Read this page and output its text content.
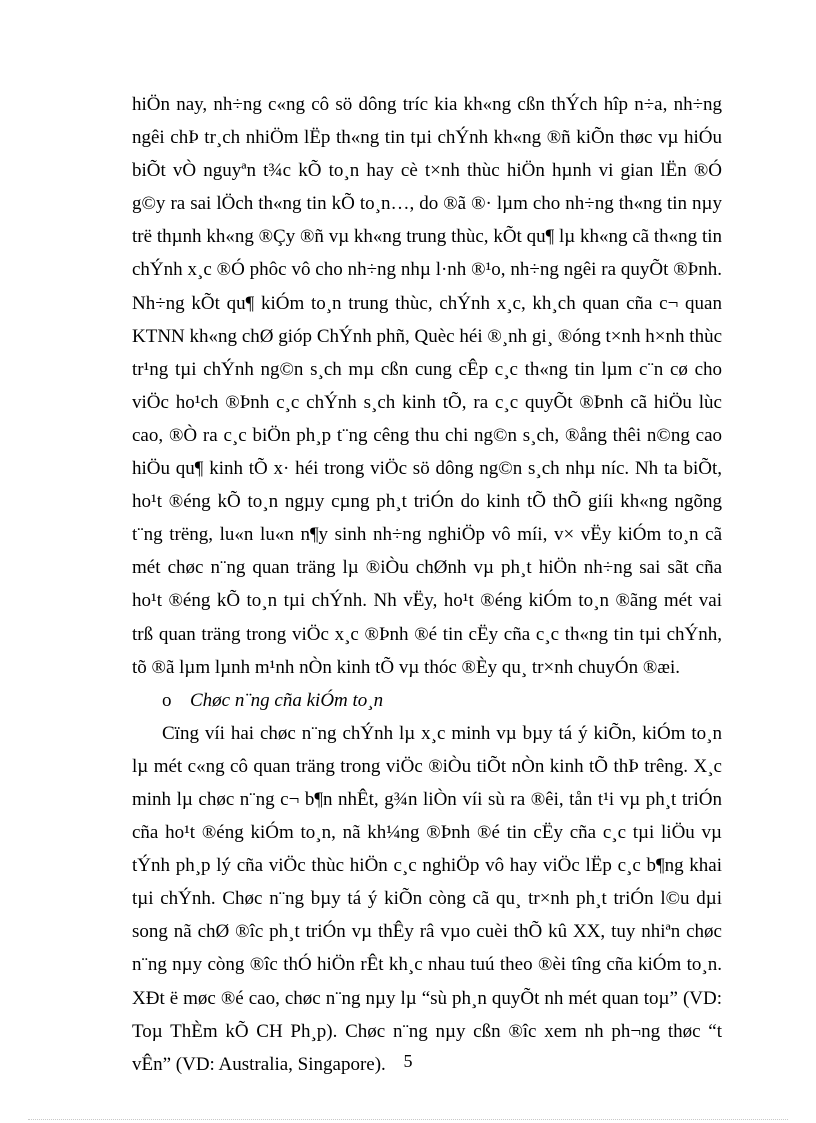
hiÖn nay, nh÷ng c«ng cô sö dông tríc kia kh«ng cßn thÝch hîp n÷a, nh÷ng ngêi chÞ tr¸ch nhiÖm lËp th«ng tin tµi chÝnh kh«ng ®ñ kiÕn thøc vµ hiÓu biÕt vÒ nguyªn t¾c kÕ to¸n hay cè t×nh thùc hiÖn hµnh vi gian lËn ®Ó g©y ra sai lÖch th«ng tin kÕ to¸n…, do ®ã ®· lµm cho nh÷ng th«ng tin nµy trë thµnh kh«ng ®Çy ®ñ vµ kh«ng trung thùc, kÕt qu¶ lµ kh«ng cã th«ng tin chÝnh x¸c ®Ó phôc vô cho nh÷ng nhµ l·nh ®¹o, nh÷ng ngêi ra quyÕt ®Þnh. Nh÷ng kÕt qu¶ kiÓm to¸n trung thùc, chÝnh x¸c, kh¸ch quan cña c¬ quan KTNN kh«ng chØ gióp ChÝnh phñ, Quèc héi ®¸nh gi¸ ®óng t×nh h×nh thùc tr¹ng tµi chÝnh ng©n s¸ch mµ cßn cung cÊp c¸c th«ng tin lµm c¨n cø cho viÖc ho¹ch ®Þnh c¸c chÝnh s¸ch kinh tÕ, ra c¸c quyÕt ®Þnh cã hiÖu lùc cao, ®Ò ra c¸c biÖn ph¸p t¨ng cêng thu chi ng©n s¸ch, ®ång thêi n©ng cao hiÖu qu¶ kinh tÕ x· héi trong viÖc sö dông ng©n s¸ch nhµ níc. Nh ta biÕt, ho¹t ®éng kÕ to¸n ngµy cµng ph¸t triÓn do kinh tÕ thÕ giíi kh«ng ngõng t¨ng trëng, lu«n lu«n n¶y sinh nh÷ng nghiÖp vô míi, v× vËy kiÓm to¸n cã mét chøc n¨ng quan träng lµ ®iÒu chØnh vµ ph¸t hiÖn nh÷ng sai sãt cña ho¹t ®éng kÕ to¸n tµi chÝnh. Nh vËy, ho¹t ®éng kiÓm to¸n ®ãng mét vai trß quan träng trong viÖc x¸c ®Þnh ®é tin cËy cña c¸c th«ng tin tµi chÝnh, tõ ®ã lµm lµnh m¹nh nÒn kinh tÕ vµ thóc ®Èy qu¸ tr×nh chuyÓn ®æi.

o Chøc n¨ng cña kiÓm to¸n

Cïng víi hai chøc n¨ng chÝnh lµ x¸c minh vµ bµy tá ý kiÕn, kiÓm to¸n lµ mét c«ng cô quan träng trong viÖc ®iÒu tiÕt nÒn kinh tÕ thÞ trêng. X¸c minh lµ chøc n¨ng c¬ b¶n nhÊt, g¾n liÒn víi sù ra ®êi, tån t¹i vµ ph¸t triÓn cña ho¹t ®éng kiÓm to¸n, nã kh¼ng ®Þnh ®é tin cËy cña c¸c tµi liÖu vµ tÝnh ph¸p lý cña viÖc thùc hiÖn c¸c nghiÖp vô hay viÖc lËp c¸c b¶ng khai tµi chÝnh. Chøc n¨ng bµy tá ý kiÕn còng cã qu¸ tr×nh ph¸t triÓn l©u dµi song nã chØ ®îc ph¸t triÓn vµ thÊy râ vµo cuèi thÕ kû XX, tuy nhiªn chøc n¨ng nµy còng ®îc thÓ hiÖn rÊt kh¸c nhau tuú theo ®èi tîng cña kiÓm to¸n. XÐt ë møc ®é cao, chøc n¨ng nµy lµ “sù ph¸n quyÕt nh mét quan toµ” (VD: Toµ ThÈm kÕ CH Ph¸p). Chøc n¨ng nµy cßn ®îc xem nh ph¬ng thøc “t vÊn” (VD: Australia, Singapore). 5
